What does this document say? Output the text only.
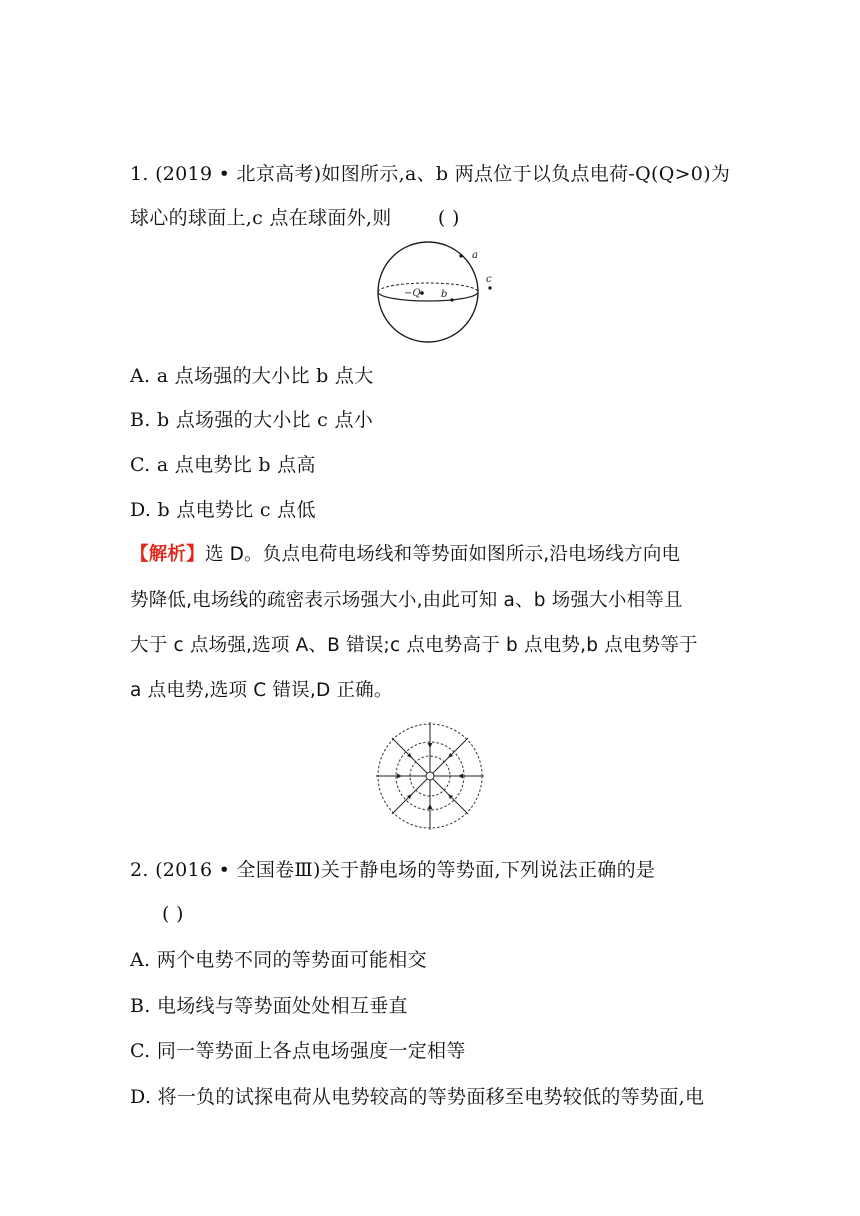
1. (2019 • 北京高考)如图所示,a、b 两点位于以负点电荷-Q(Q>0)为
球心的球面上,c 点在球面外,则 ( )
−Q b
a
c
A. a 点场强的大小比 b 点大
B. b 点场强的大小比 c 点小
C. a 点电势比 b 点高
D. b 点电势比 c 点低
【解析】选 D。负点电荷电场线和等势面如图所示,沿电场线方向电
势降低,电场线的疏密表示场强大小,由此可知 a、b 场强大小相等且
大于 c 点场强,选项 A、B 错误;c 点电势高于 b 点电势,b 点电势等于
a 点电势,选项 C 错误,D 正确。
2. (2016 • 全国卷Ⅲ)关于静电场的等势面,下列说法正确的是
( )
A. 两个电势不同的等势面可能相交
B. 电场线与等势面处处相互垂直
C. 同一等势面上各点电场强度一定相等
D. 将一负的试探电荷从电势较高的等势面移至电势较低的等势面,电
